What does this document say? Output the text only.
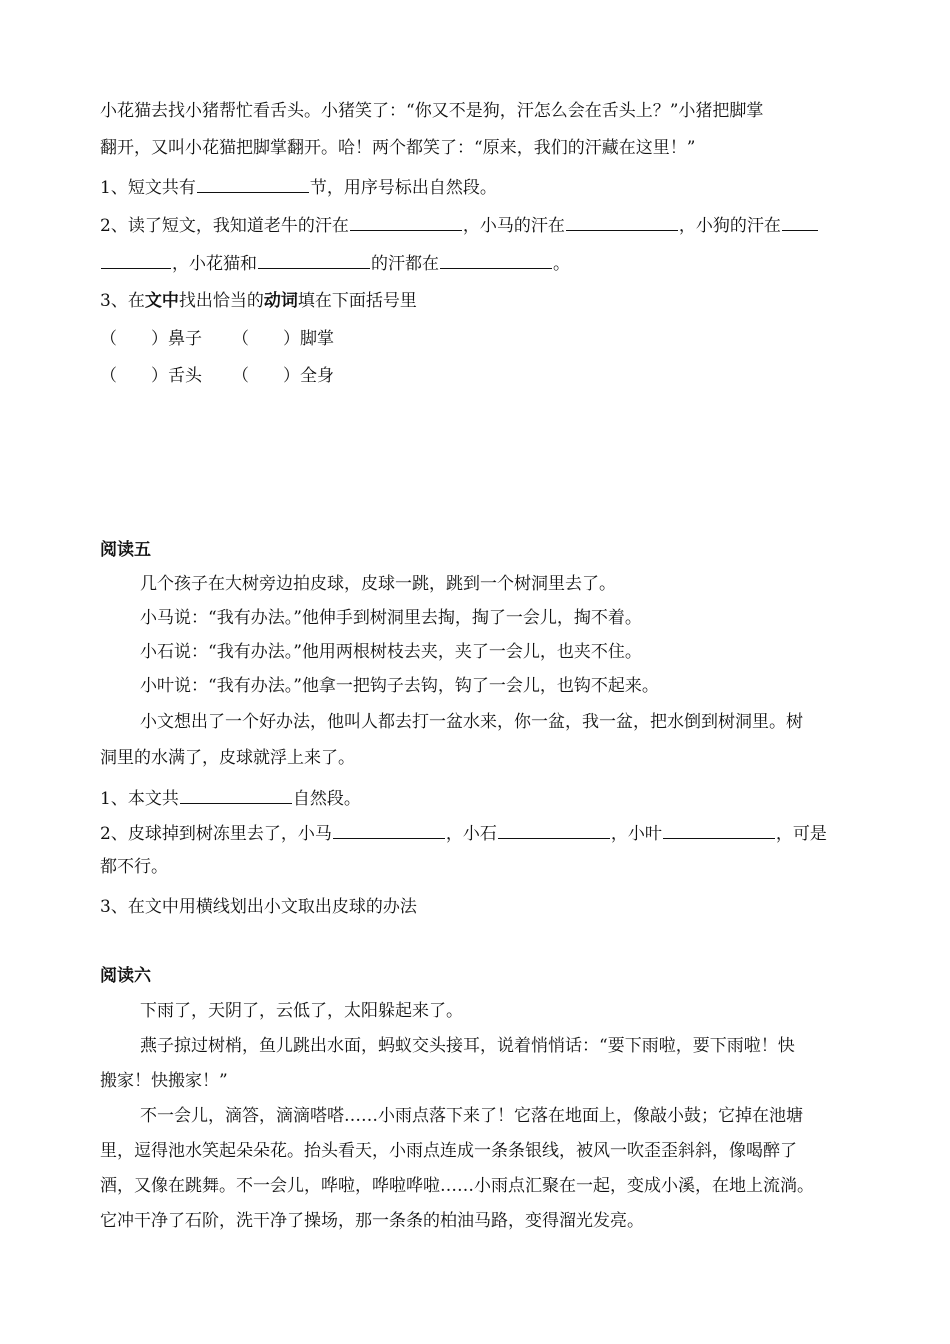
小花猫去找小猪帮忙看舌头。小猪笑了：“你又不是狗，汗怎么会在舌头上？”小猪把脚掌
翻开，又叫小花猫把脚掌翻开。哈！两个都笑了：“原来，我们的汗藏在这里！”
1、短文共有	节，用序号标出自然段。
2、读了短文，我知道老牛的汗在	，小马的汗在	，小狗的汗在
，小花猫和	的汗都在	。
3、在文中找出恰当的动词填在下面括号里
（ ）鼻子 （ ）脚掌
（ ）舌头 （ ）全身
阅读五
几个孩子在大树旁边拍皮球，皮球一跳，跳到一个树洞里去了。
小马说：“我有办法。”他伸手到树洞里去掏，掏了一会儿，掏不着。
小石说：“我有办法。”他用两根树枝去夹，夹了一会儿，也夹不住。
小叶说：“我有办法。”他拿一把钩子去钩，钩了一会儿，也钩不起来。
小文想出了一个好办法，他叫人都去打一盆水来，你一盆，我一盆，把水倒到树洞里。树
洞里的水满了，皮球就浮上来了。
1、本文共	自然段。
2、皮球掉到树冻里去了，小马	，小石	，小叶	，可是
都不行。
3、在文中用横线划出小文取出皮球的办法
阅读六
下雨了，天阴了，云低了，太阳躲起来了。
燕子掠过树梢，鱼儿跳出水面，蚂蚁交头接耳，说着悄悄话：“要下雨啦，要下雨啦！快
搬家！快搬家！”
不一会儿，滴答，滴滴嗒嗒……小雨点落下来了！它落在地面上，像敲小鼓；它掉在池塘
里，逗得池水笑起朵朵花。抬头看天，小雨点连成一条条银线，被风一吹歪歪斜斜，像喝醉了
酒，又像在跳舞。不一会儿，哗啦，哗啦哗啦……小雨点汇聚在一起，变成小溪，在地上流淌。
它冲干净了石阶，洗干净了操场，那一条条的柏油马路，变得溜光发亮。
